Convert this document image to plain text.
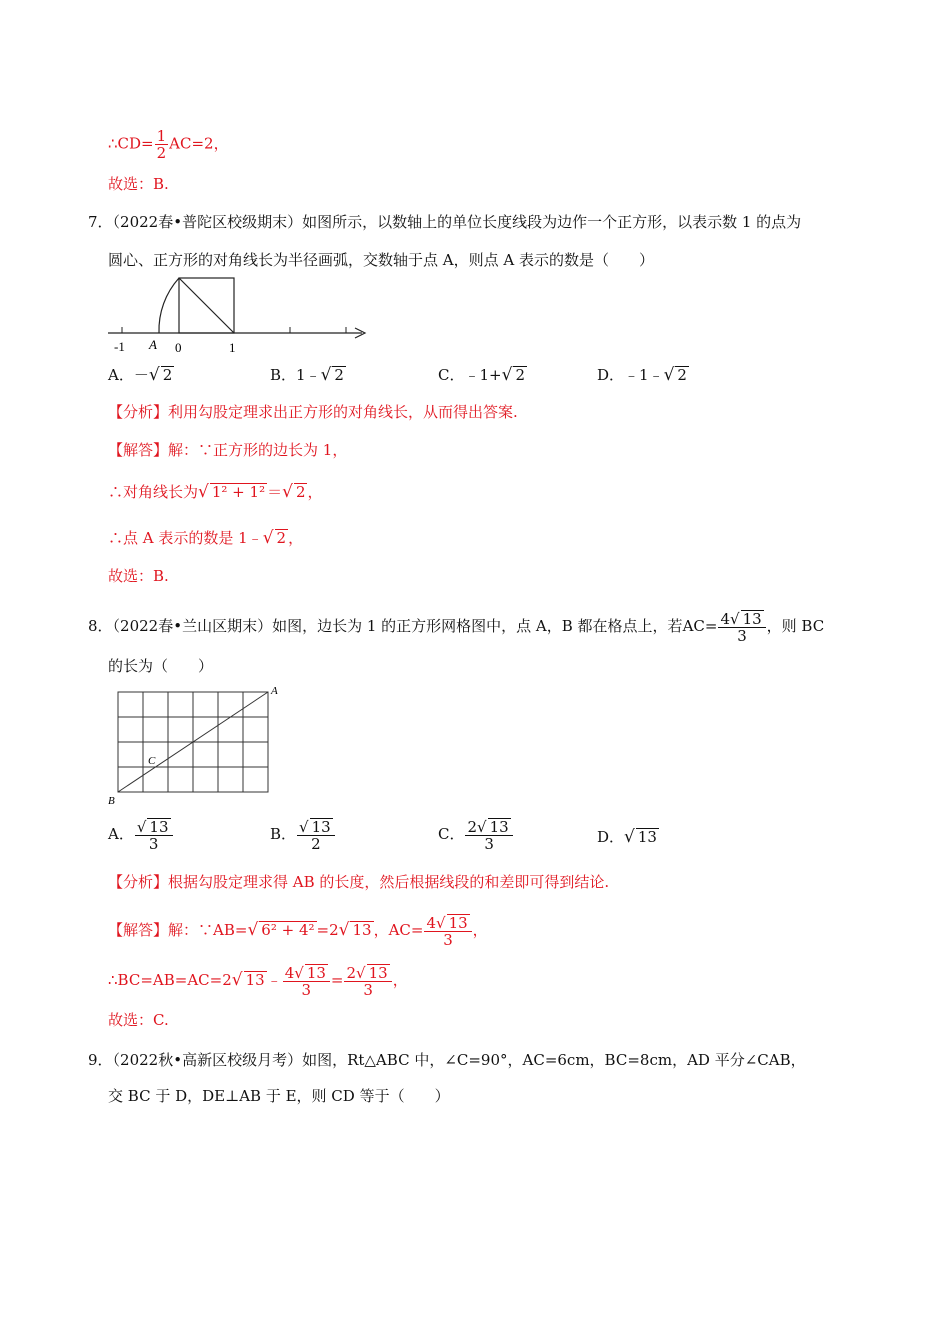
∴CD= $\frac{1}{2} AC=2$，
故选：B.
7．（2022春•普陀区校级期末）如图所示，以数轴上的单位长度线段为边作一个正方形，以表示数 1 的点为
圆心、正方形的对角线长为半径画弧，交数轴于点 A，则点 A 表示的数是（　　）
-1 A 0	1
A．－√ 2	B．1﹣√ 2	C．﹣1+√ 2	D．﹣1﹣√ 2
【分析】利用勾股定理求出正方形的对角线长，从而得出答案.
【解答】解：∵正方形的边长为 1，
∴对角线长为√ 1² + 1² ＝√ 2 ，
∴点 A 表示的数是 1﹣√ 2 ，
故选：B.
8．（2022春•兰山区期末）如图，边长为 1 的正方形网格图中，点 A，B 都在格点上，若$AC= \frac{4√ 13}{3}$ ，则 BC
的长为（　　）
A
B
C
A． $\frac{√ 13}{3}$	B． $\frac{√ 13}{2}$	C． $\frac{2√ 13}{3}$	D．√ 13
【分析】根据勾股定理求得 AB 的长度，然后根据线段的和差即可得到结论.
【解答】解：∵AB=√ 6² + 4² =2√ 13 ，$AC= \frac{4√ 13}{3}$ ，
∴BC=AB=AC=2√ 13 ﹣ $\frac{4√ 13}{3} = \frac{2√ 13}{3}$ ，
故选：C.
9．（2022秋•高新区校级月考）如图，Rt△ABC 中，∠C=90°，AC=6cm，BC=8cm，AD 平分∠CAB，
交 BC 于 D，DE⊥AB 于 E，则 CD 等于（　　）
